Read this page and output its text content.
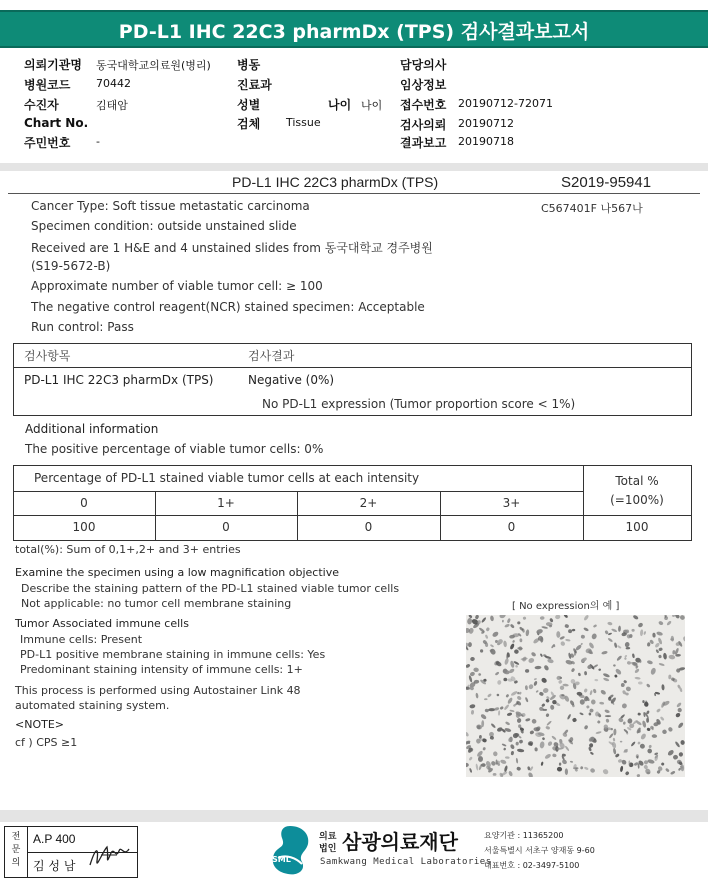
PD-L1 IHC 22C3 pharmDx (TPS) 검사결과보고서
의뢰기관명 동국대학교의료원(병리)
병원코드 70442
수진자	김태암
Chart No.
주민번호 -
병동
진료과
성별	나이 나이
검체 Tissue
담당의사
임상정보
접수번호 20190712-72071
검사의뢰 20190712
결과보고 20190718
PD-L1 IHC 22C3 pharmDx (TPS)	S2019-95941
C567401F 나567나
Cancer Type: Soft tissue metastatic carcinoma
Specimen condition: outside unstained slide
Received are 1 H&E and 4 unstained slides from 동국대학교 경주병원
(S19-5672-B)
Approximate number of viable tumor cell: ≥ 100
The negative control reagent(NCR) stained specimen: Acceptable
Run control: Pass
검사항목	검사결과
PD-L1 IHC 22C3 pharmDx (TPS)	Negative (0%)
No PD-L1 expression (Tumor proportion score < 1%)
Additional information
The positive percentage of viable tumor cells: 0%
Percentage of PD-L1 stained viable tumor cells at each intensity	Total %
(=100%)
0	1+	2+	3+
100	0	0	0	100
total(%): Sum of 0,1+,2+ and 3+ entries
Examine the specimen using a low magnification objective
Describe the staining pattern of the PD-L1 stained viable tumor cells
Not applicable: no tumor cell membrane staining	[ No expression의 예 ]
Tumor Associated immune cells
Immune cells: Present
PD-L1 positive membrane staining in immune cells: Yes
Predominant staining intensity of immune cells: 1+
This process is performed using Autostainer Link 48
automated staining system.
<NOTE>
cf ) CPS ≥1
전문의
A.P 400
김 성 남	SML
의료
법인 삼광의료재단
Samkwang Medical Laboratories
요양기관 : 11365200
서울특별시 서초구 양재동 9-60
대표번호 : 02-3497-5100
